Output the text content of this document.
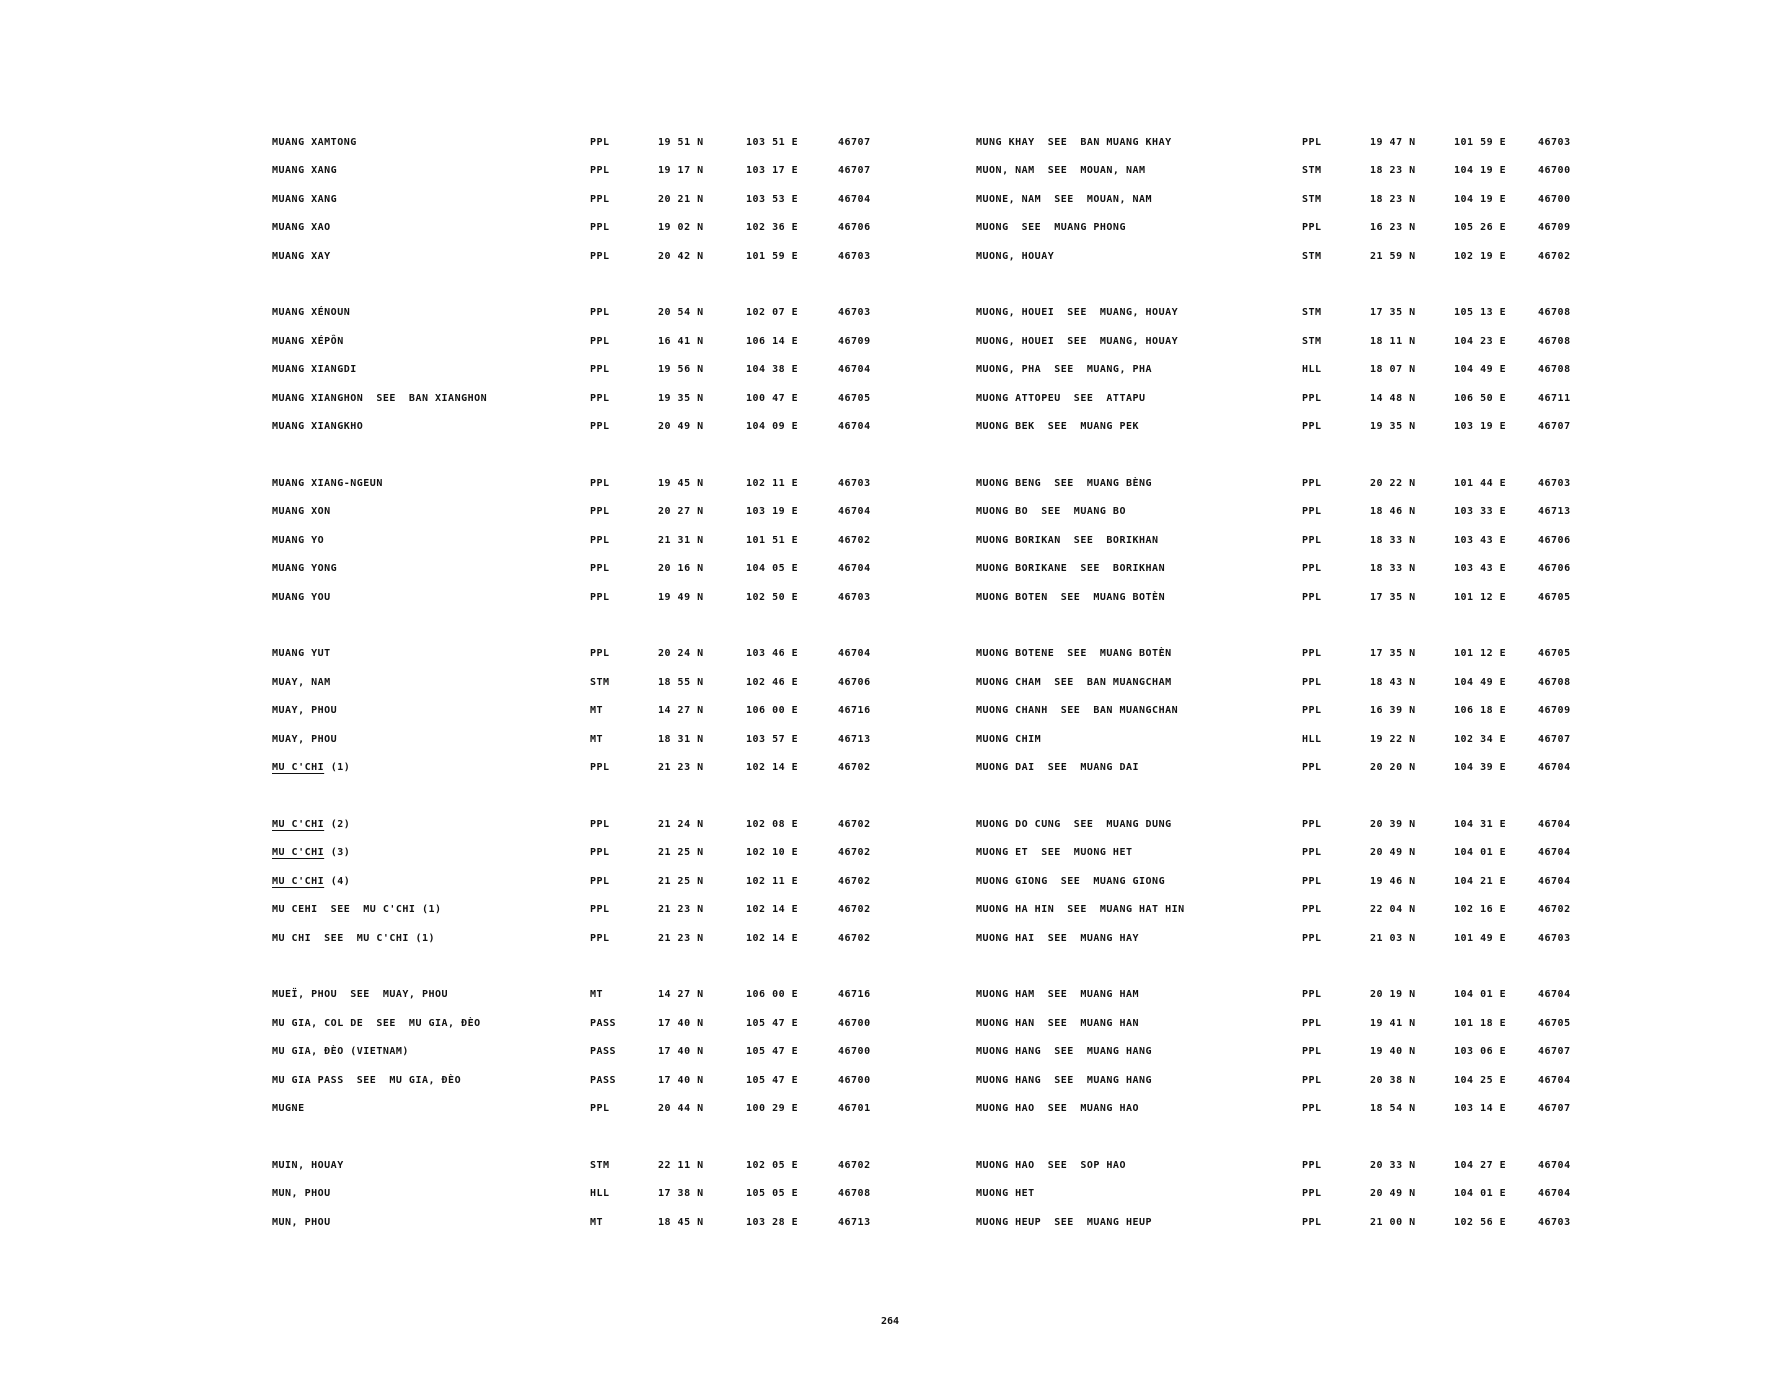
MUANG XAMTONG	PPL	19 51 N	103 51 E	46707
MUANG XANG	PPL	19 17 N	103 17 E	46707
MUANG XANG	PPL	20 21 N	103 53 E	46704
MUANG XAO	PPL	19 02 N	102 36 E	46706
MUANG XAY	PPL	20 42 N	101 59 E	46703
MUANG XÉNOUN	PPL	20 54 N	102 07 E	46703
MUANG XÉPÔN	PPL	16 41 N	106 14 E	46709
MUANG XIANGDI	PPL	19 56 N	104 38 E	46704
MUANG XIANGHON  SEE  BAN XIANGHON	PPL	19 35 N	100 47 E	46705
MUANG XIANGKHO	PPL	20 49 N	104 09 E	46704
MUANG XIANG-NGEUN	PPL	19 45 N	102 11 E	46703
MUANG XON	PPL	20 27 N	103 19 E	46704
MUANG YO	PPL	21 31 N	101 51 E	46702
MUANG YONG	PPL	20 16 N	104 05 E	46704
MUANG YOU	PPL	19 49 N	102 50 E	46703
MUANG YUT	PPL	20 24 N	103 46 E	46704
MUAY, NAM	STM	18 55 N	102 46 E	46706
MUAY, PHOU	MT	14 27 N	106 00 E	46716
MUAY, PHOU	MT	18 31 N	103 57 E	46713
MU C'CHI (1)	PPL	21 23 N	102 14 E	46702
MU C'CHI (2)	PPL	21 24 N	102 08 E	46702
MU C'CHI (3)	PPL	21 25 N	102 10 E	46702
MU C'CHI (4)	PPL	21 25 N	102 11 E	46702
MU CEHI  SEE  MU C'CHI (1)	PPL	21 23 N	102 14 E	46702
MU CHI  SEE  MU C'CHI (1)	PPL	21 23 N	102 14 E	46702
MUEÏ, PHOU  SEE  MUAY, PHOU	MT	14 27 N	106 00 E	46716
MU GIA, COL DE  SEE  MU GIA, ĐÈO	PASS	17 40 N	105 47 E	46700
MU GIA, ĐÈO (VIETNAM)	PASS	17 40 N	105 47 E	46700
MU GIA PASS  SEE  MU GIA, ĐÈO	PASS	17 40 N	105 47 E	46700
MUGNE	PPL	20 44 N	100 29 E	46701
MUIN, HOUAY	STM	22 11 N	102 05 E	46702
MUN, PHOU	HLL	17 38 N	105 05 E	46708
MUN, PHOU	MT	18 45 N	103 28 E	46713
MUNG KHAY  SEE  BAN MUANG KHAY	PPL	19 47 N	101 59 E	46703
MUON, NAM  SEE  MOUAN, NAM	STM	18 23 N	104 19 E	46700
MUONE, NAM  SEE  MOUAN, NAM	STM	18 23 N	104 19 E	46700
MUONG  SEE  MUANG PHONG	PPL	16 23 N	105 26 E	46709
MUONG, HOUAY	STM	21 59 N	102 19 E	46702
MUONG, HOUEI  SEE  MUANG, HOUAY	STM	17 35 N	105 13 E	46708
MUONG, HOUEI  SEE  MUANG, HOUAY	STM	18 11 N	104 23 E	46708
MUONG, PHA  SEE  MUANG, PHA	HLL	18 07 N	104 49 E	46708
MUONG ATTOPEU  SEE  ATTAPU	PPL	14 48 N	106 50 E	46711
MUONG BEK  SEE  MUANG PEK	PPL	19 35 N	103 19 E	46707
MUONG BENG  SEE  MUANG BÈNG	PPL	20 22 N	101 44 E	46703
MUONG BO  SEE  MUANG BO	PPL	18 46 N	103 33 E	46713
MUONG BORIKAN  SEE  BORIKHAN	PPL	18 33 N	103 43 E	46706
MUONG BORIKANE  SEE  BORIKHAN	PPL	18 33 N	103 43 E	46706
MUONG BOTEN  SEE  MUANG BOTÈN	PPL	17 35 N	101 12 E	46705
MUONG BOTENE  SEE  MUANG BOTÈN	PPL	17 35 N	101 12 E	46705
MUONG CHAM  SEE  BAN MUANGCHAM	PPL	18 43 N	104 49 E	46708
MUONG CHANH  SEE  BAN MUANGCHAN	PPL	16 39 N	106 18 E	46709
MUONG CHIM	HLL	19 22 N	102 34 E	46707
MUONG DAI  SEE  MUANG DAI	PPL	20 20 N	104 39 E	46704
MUONG DO CUNG  SEE  MUANG DUNG	PPL	20 39 N	104 31 E	46704
MUONG ET  SEE  MUONG HET	PPL	20 49 N	104 01 E	46704
MUONG GIONG  SEE  MUANG GIONG	PPL	19 46 N	104 21 E	46704
MUONG HA HIN  SEE  MUANG HAT HIN	PPL	22 04 N	102 16 E	46702
MUONG HAI  SEE  MUANG HAY	PPL	21 03 N	101 49 E	46703
MUONG HAM  SEE  MUANG HAM	PPL	20 19 N	104 01 E	46704
MUONG HAN  SEE  MUANG HAN	PPL	19 41 N	101 18 E	46705
MUONG HANG  SEE  MUANG HANG	PPL	19 40 N	103 06 E	46707
MUONG HANG  SEE  MUANG HANG	PPL	20 38 N	104 25 E	46704
MUONG HAO  SEE  MUANG HAO	PPL	18 54 N	103 14 E	46707
MUONG HAO  SEE  SOP HAO	PPL	20 33 N	104 27 E	46704
MUONG HET	PPL	20 49 N	104 01 E	46704
MUONG HEUP  SEE  MUANG HEUP	PPL	21 00 N	102 56 E	46703
264
